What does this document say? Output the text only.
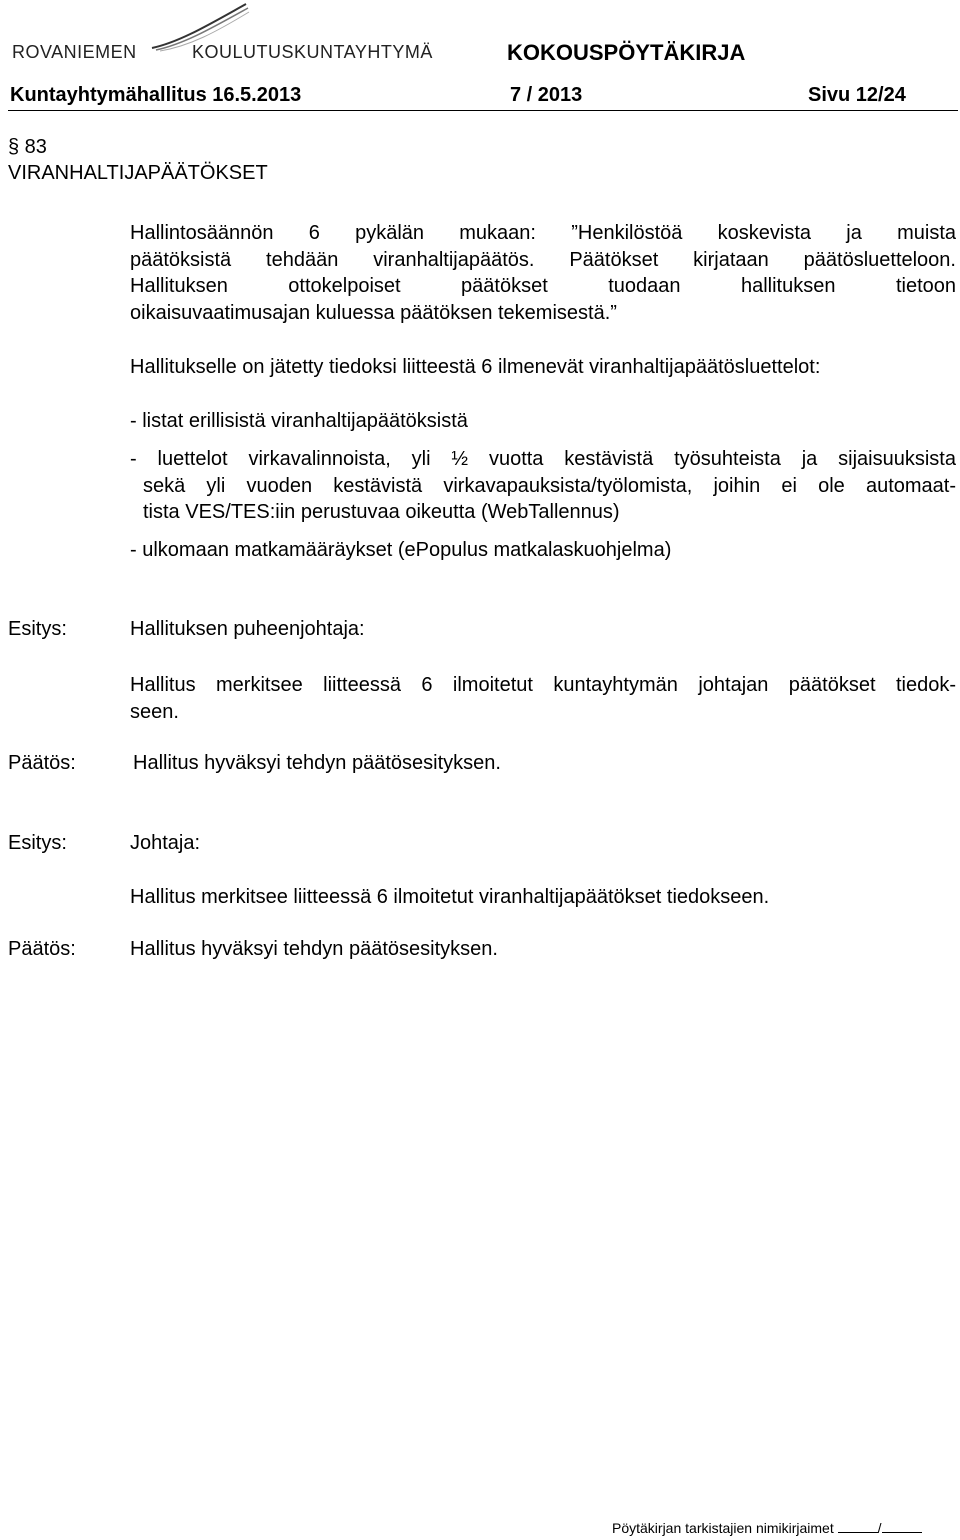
ROVANIEMEN	KOULUTUSKUNTAYHTYMÄ	KOKOUSPÖYTÄKIRJA
Kuntayhtymähallitus 16.5.2013	7 / 2013	Sivu 12/24
§ 83
VIRANHALTIJAPÄÄTÖKSET
Hallintosäännön 6 pykälän mukaan: ”Henkilöstöä koskevista ja muista
päätöksistä tehdään viranhaltijapäätös. Päätökset kirjataan päätösluetteloon.
Hallituksen ottokelpoiset päätökset tuodaan hallituksen tietoon
oikaisuvaatimusajan kuluessa päätöksen tekemisestä.”
Hallitukselle on jätetty tiedoksi liitteestä 6 ilmenevät viranhaltijapäätösluettelot:
- listat erillisistä viranhaltijapäätöksistä
- luettelot virkavalinnoista, yli ½ vuotta kestävistä työsuhteista ja sijaisuuksista
sekä yli vuoden kestävistä virkavapauksista/työlomista, joihin ei ole automaat-
tista VES/TES:iin perustuvaa oikeutta (WebTallennus)
- ulkomaan matkamääräykset (ePopulus matkalaskuohjelma)
Esitys:	Hallituksen puheenjohtaja:
Hallitus merkitsee liitteessä 6 ilmoitetut kuntayhtymän johtajan päätökset tiedok-
seen.
Päätös:	Hallitus hyväksyi tehdyn päätösesityksen.
Esitys:	Johtaja:
Hallitus merkitsee liitteessä 6 ilmoitetut viranhaltijapäätökset tiedokseen.
Päätös:	Hallitus hyväksyi tehdyn päätösesityksen.
Pöytäkirjan tarkistajien nimikirjaimet	/
